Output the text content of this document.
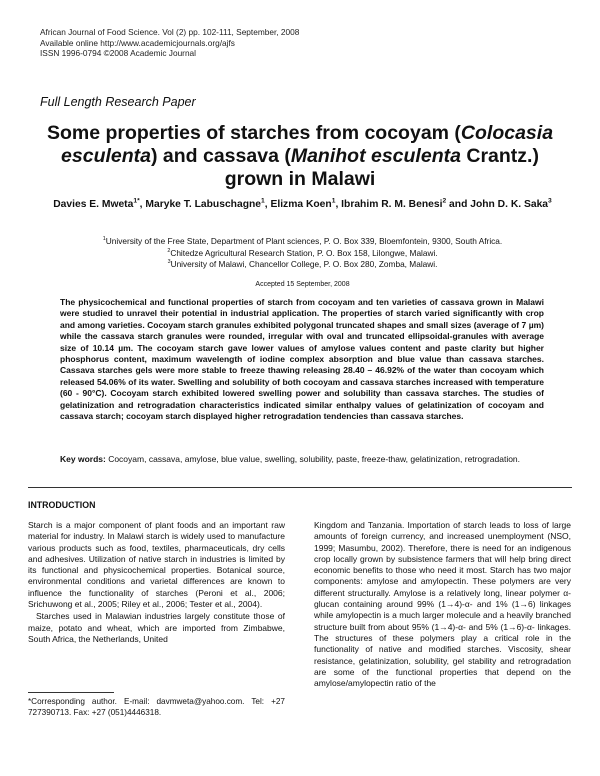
African Journal of Food Science. Vol (2) pp. 102-111, September, 2008
Available online http://www.academicjournals.org/ajfs
ISSN 1996-0794 ©2008 Academic Journal
Full Length Research Paper
Some properties of starches from cocoyam (Colocasia esculenta) and cassava (Manihot esculenta Crantz.) grown in Malawi
Davies E. Mweta$^{1*}$, Maryke T. Labuschagne$^1$, Elizma Koen$^1$, Ibrahim R. M. Benesi$^2$ and John D. K. Saka$^3$
$^1$University of the Free State, Department of Plant sciences, P. O. Box 339, Bloemfontein, 9300, South Africa.
$^2$Chitedze Agricultural Research Station, P. O. Box 158, Lilongwe, Malawi.
$^3$University of Malawi, Chancellor College, P. O. Box 280, Zomba, Malawi.
Accepted 15 September, 2008
The physicochemical and functional properties of starch from cocoyam and ten varieties of cassava grown in Malawi were studied to unravel their potential in industrial application. The properties of starch varied significantly with crop and among varieties. Cocoyam starch granules exhibited polygonal truncated shapes and small sizes (average of 7 µm) while the cassava starch granules were rounded, irregular with oval and truncated ellipsoidal-granules with average size of 10.14 µm. The cocoyam starch gave lower values of amylose values content and paste clarity but higher phosphorus content, maximum wavelength of iodine complex absorption and blue value than cassava starches. Cassava starches gels were more stable to freeze thawing releasing 28.40 – 46.92% of the water than cocoyam which released 54.06% of its water. Swelling and solubility of both cocoyam and cassava starches increased with temperature (60 - 90°C). Cocoyam starch exhibited lowered swelling power and solubility than cassava starches. The studies of gelatinization and retrogradation characteristics indicated similar enthalpy values of gelatinization of cocoyam and cassava starch; cocoyam starch displayed higher retrogradation tendencies than cassava starches.
Key words: Cocoyam, cassava, amylose, blue value, swelling, solubility, paste, freeze-thaw, gelatinization, retrogradation.
INTRODUCTION

Starch is a major component of plant foods and an important raw material for industry. In Malawi starch is widely used to manufacture various products such as food, textiles, pharmaceuticals, dry cells and adhesives. Utilization of native starch in industries is limited by its functional and physicochemical properties. Botanical source, environmental conditions and varietal differences are known to influence the functionality of starches (Peroni et al., 2006; Srichuwong et al., 2005; Riley et al., 2006; Tester et al., 2004).

Starches used in Malawian industries largely constitute those of maize, potato and wheat, which are imported from Zimbabwe, South Africa, the Netherlands, United

Kingdom and Tanzania. Importation of starch leads to loss of large amounts of foreign currency, and increased unemployment (NSO, 1999; Masumbu, 2002). Therefore, there is need for an indigenous crop locally grown by subsistence farmers that will help bring direct economic benefits to those who need it most. Starch has two major components: amylose and amylopectin. These polymers are very different structurally. Amylose is a relatively long, linear polymer α-glucan containing around 99% (1→4)-α- and 1% (1→6) linkages while amylopectin is a much larger molecule and a heavily branched structure built from about 95% (1→4)-α- and 5% (1→6)-α- linkages. The structures of these polymers play a critical role in the functionality of native and modified starches. Viscosity, shear resistance, gelatinization, solubility, gel stability and retrogradation are some of the functional properties that depend on the amylose/amylopectin ratio of the

*Corresponding author. E-mail: davmweta@yahoo.com. Tel: +27 727390713. Fax: +27 (051)4446318.
